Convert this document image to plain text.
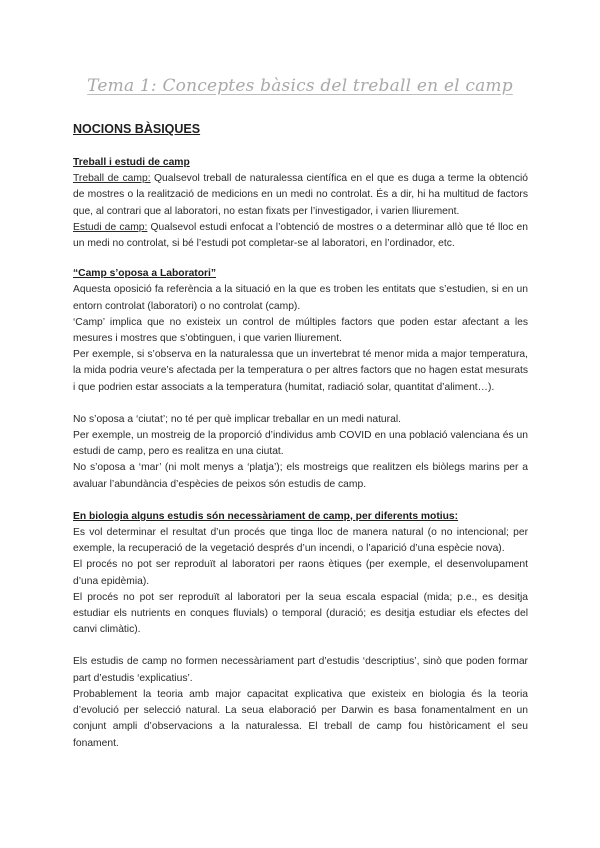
Tema 1: Conceptes bàsics del treball en el camp
NOCIONS BÀSIQUES
Treball i estudi de camp

Treball de camp: Qualsevol treball de naturalessa científica en el que es duga a terme la obtenció de mostres o la realització de medicions en un medi no controlat. És a dir, hi ha multitud de factors que, al contrari que al laboratori, no estan fixats per l’investigador, i varien lliurement.

Estudi de camp: Qualsevol estudi enfocat a l’obtenció de mostres o a determinar allò que té lloc en un medi no controlat, si bé l’estudi pot completar-se al laboratori, en l’ordinador, etc.

“Camp s’oposa a Laboratori”

Aquesta oposició fa referència a la situació en la que es troben les entitats que s’estudien, si en un entorn controlat (laboratori) o no controlat (camp).

‘Camp’ implica que no existeix un control de múltiples factors que poden estar afectant a les mesures i mostres que s’obtinguen, i que varien lliurement.

Per exemple, si s’observa en la naturalessa que un invertebrat té menor mida a major temperatura, la mida podria veure’s afectada per la temperatura o per altres factors que no hagen estat mesurats i que podrien estar associats a la temperatura (humitat, radiació solar, quantitat d’aliment…).

No s’oposa a ‘ciutat’; no té per què implicar treballar en un medi natural.

Per exemple, un mostreig de la proporció d’individus amb COVID en una població valenciana és un estudi de camp, pero es realitza en una ciutat.

No s’oposa a ‘mar’ (ni molt menys a ‘platja’); els mostreigs que realitzen els biòlegs marins per a avaluar l’abundància d’espècies de peixos són estudis de camp.

En biologia alguns estudis són necessàriament de camp, per diferents motius:

Es vol determinar el resultat d’un procés que tinga lloc de manera natural (o no intencional; per exemple, la recuperació de la vegetació després d’un incendi, o l’aparició d’una espècie nova).

El procés no pot ser reproduït al laboratori per raons ètiques (per exemple, el desenvolupament d’una epidèmia).

El procés no pot ser reproduït al laboratori per la seua escala espacial (mida; p.e., es desitja estudiar els nutrients en conques fluvials) o temporal (duració; es desitja estudiar els efectes del canvi climàtic).

Els estudis de camp no formen necessàriament part d’estudis ‘descriptius’, sinò que poden formar part d’estudis ‘explicatius’.

Probablement la teoria amb major capacitat explicativa que existeix en biologia és la teoria d’evolució per selecció natural. La seua elaboració per Darwin es basa fonamentalment en un conjunt ampli d’observacions a la naturalessa. El treball de camp fou històricament el seu fonament.
